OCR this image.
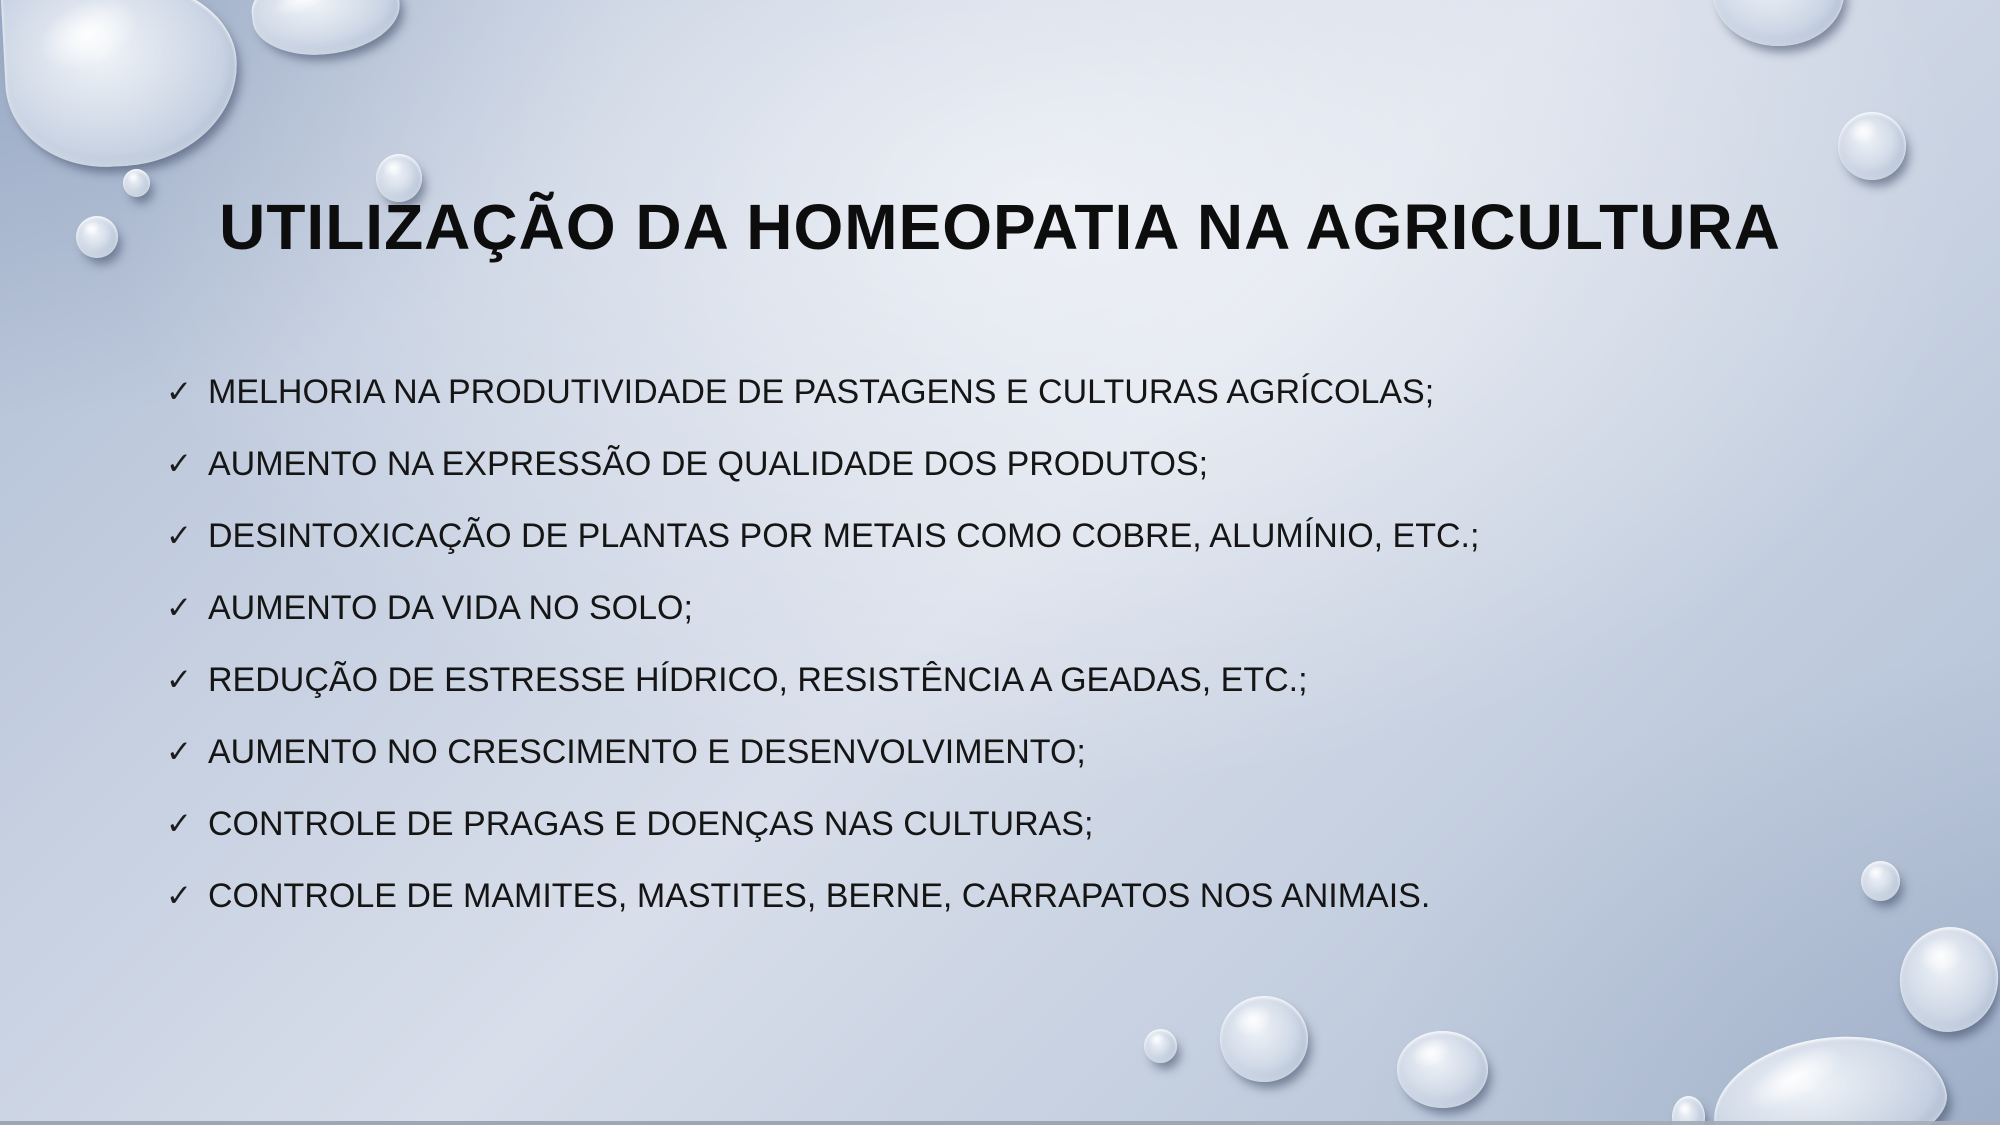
UTILIZAÇÃO DA HOMEOPATIA NA AGRICULTURA
✓ MELHORIA NA PRODUTIVIDADE DE PASTAGENS E CULTURAS AGRÍCOLAS;
✓ AUMENTO NA EXPRESSÃO DE QUALIDADE DOS PRODUTOS;
✓ DESINTOXICAÇÃO DE PLANTAS POR METAIS COMO COBRE, ALUMÍNIO, ETC.;
✓ AUMENTO DA VIDA NO SOLO;
✓ REDUÇÃO DE ESTRESSE HÍDRICO, RESISTÊNCIA A GEADAS, ETC.;
✓ AUMENTO NO CRESCIMENTO E DESENVOLVIMENTO;
✓ CONTROLE DE PRAGAS E DOENÇAS NAS CULTURAS;
✓ CONTROLE DE MAMITES, MASTITES, BERNE, CARRAPATOS NOS ANIMAIS.
